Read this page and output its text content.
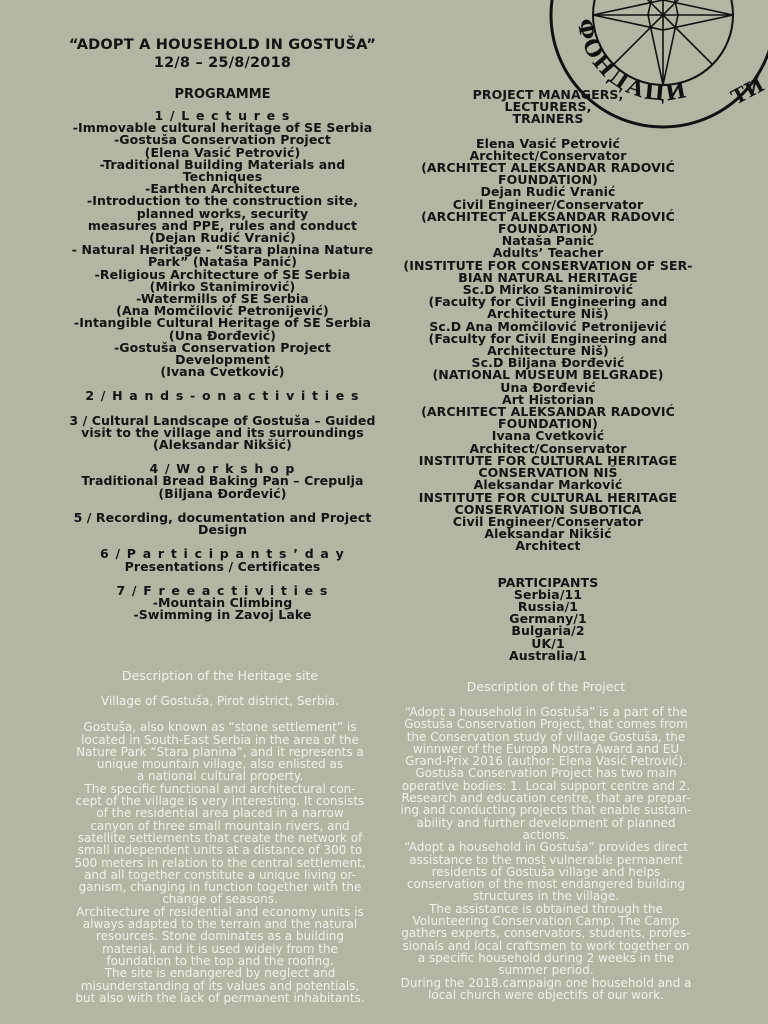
ФОНДАЦИ ТИ
“ADOPT A HOUSEHOLD IN GOSTUŠA”
12/8 – 25/8/2018
PROGRAMME
1 / L e c t u r e s
-Immovable cultural heritage of SE Serbia
-Gostuša Conservation Project
(Elena Vasić Petrović)
-Traditional Building Materials and
Techniques
-Earthen Architecture
-Introduction to the construction site,
planned works, security
measures and PPE, rules and conduct
(Dejan Rudić Vranić)
- Natural Heritage - “Stara planina Nature
Park” (Nataša Panić)
-Religious Architecture of SE Serbia
(Mirko Stanimirović)
-Watermills of SE Serbia
(Ana Momčilović Petronijević)
-Intangible Cultural Heritage of SE Serbia
(Una Đorđević)
-Gostuša Conservation Project
Development
(Ivana Cvetković)
2 / H a n d s - o n a c t i v i t i e s
3 / Cultural Landscape of Gostuša – Guided
visit to the village and its surroundings
(Aleksandar Nikšić)
4 / W o r k s h o p
Traditional Bread Baking Pan – Crepulja
(Biljana Đorđević)
5 / Recording, documentation and Project
Design
6 / P a r t i c i p a n t s ’ d a y
Presentations / Certificates
7 / F r e e a c t i v i t i e s
-Mountain Climbing
-Swimming in Zavoj Lake
PROJECT MANAGERS,
LECTURERS,
TRAINERS
Elena Vasić Petrović
Architect/Conservator
(ARCHITECT ALEKSANDAR RADOVIĆ
FOUNDATION)
Dejan Rudić Vranić
Civil Engineer/Conservator
(ARCHITECT ALEKSANDAR RADOVIĆ
FOUNDATION)
Nataša Panić
Adults’ Teacher
(INSTITUTE FOR CONSERVATION OF SER-
BIAN NATURAL HERITAGE
Sc.D Mirko Stanimirović
(Faculty for Civil Engineering and
Architecture Niš)
Sc.D Ana Momčilović Petronijević
(Faculty for Civil Engineering and
Architecture Niš)
Sc.D Biljana Đorđević
(NATIONAL MUSEUM BELGRADE)
Una Đorđević
Art Historian
(ARCHITECT ALEKSANDAR RADOVIĆ
FOUNDATION)
Ivana Cvetković
Architect/Conservator
INSTITUTE FOR CULTURAL HERITAGE
CONSERVATION NIŠ
Aleksandar Marković
INSTITUTE FOR CULTURAL HERITAGE
CONSERVATION SUBOTICA
Civil Engineer/Conservator
Aleksandar Nikšić
Architect
PARTICIPANTS
Serbia/11
Russia/1
Germany/1
Bulgaria/2
UK/1
Australia/1
Description of the Heritage site
Village of Gostuša, Pirot district, Serbia.
Gostuša, also known as “stone settlement” is
located in South-East Serbia in the area of the
Nature Park “Stara planina”, and it represents a
unique mountain village, also enlisted as
a national cultural property.
The specific functional and architectural con-
cept of the village is very interesting. It consists
of the residential area placed in a narrow
canyon of three small mountain rivers, and
satellite settlements that create the network of
small independent units at a distance of 300 to
500 meters in relation to the central settlement,
and all together constitute a unique living or-
ganism, changing in function together with the
change of seasons.
Architecture of residential and economy units is
always adapted to the terrain and the natural
resources. Stone dominates as a building
material, and it is used widely from the
foundation to the top and the roofing.
The site is endangered by neglect and
misunderstanding of its values and potentials,
but also with the lack of permanent inhabitants.
Description of the Project
“Adopt a household in Gostuša” is a part of the
Gostuša Conservation Project, that comes from
the Conservation study of village Gostuša, the
winnwer of the Europa Nostra Award and EU
Grand-Prix 2016 (author: Elena Vasić Petrović).
Gostuša Conservation Project has two main
operative bodies: 1. Local support centre and 2.
Research and education centre, that are prepar-
ing and conducting projects that enable sustain-
ability and further development of planned
actions.
“Adopt a household in Gostuša” provides direct
assistance to the most vulnerable permanent
residents of Gostuša village and helps
conservation of the most endangered building
structures in the village.
The assistance is obtained through the
Volunteering Conservation Camp. The Camp
gathers experts, conservators, students, profes-
sionals and local craftsmen to work together on
a specific household during 2 weeks in the
summer period.
During the 2018.campaign one household and a
local church were objectifs of our work.
